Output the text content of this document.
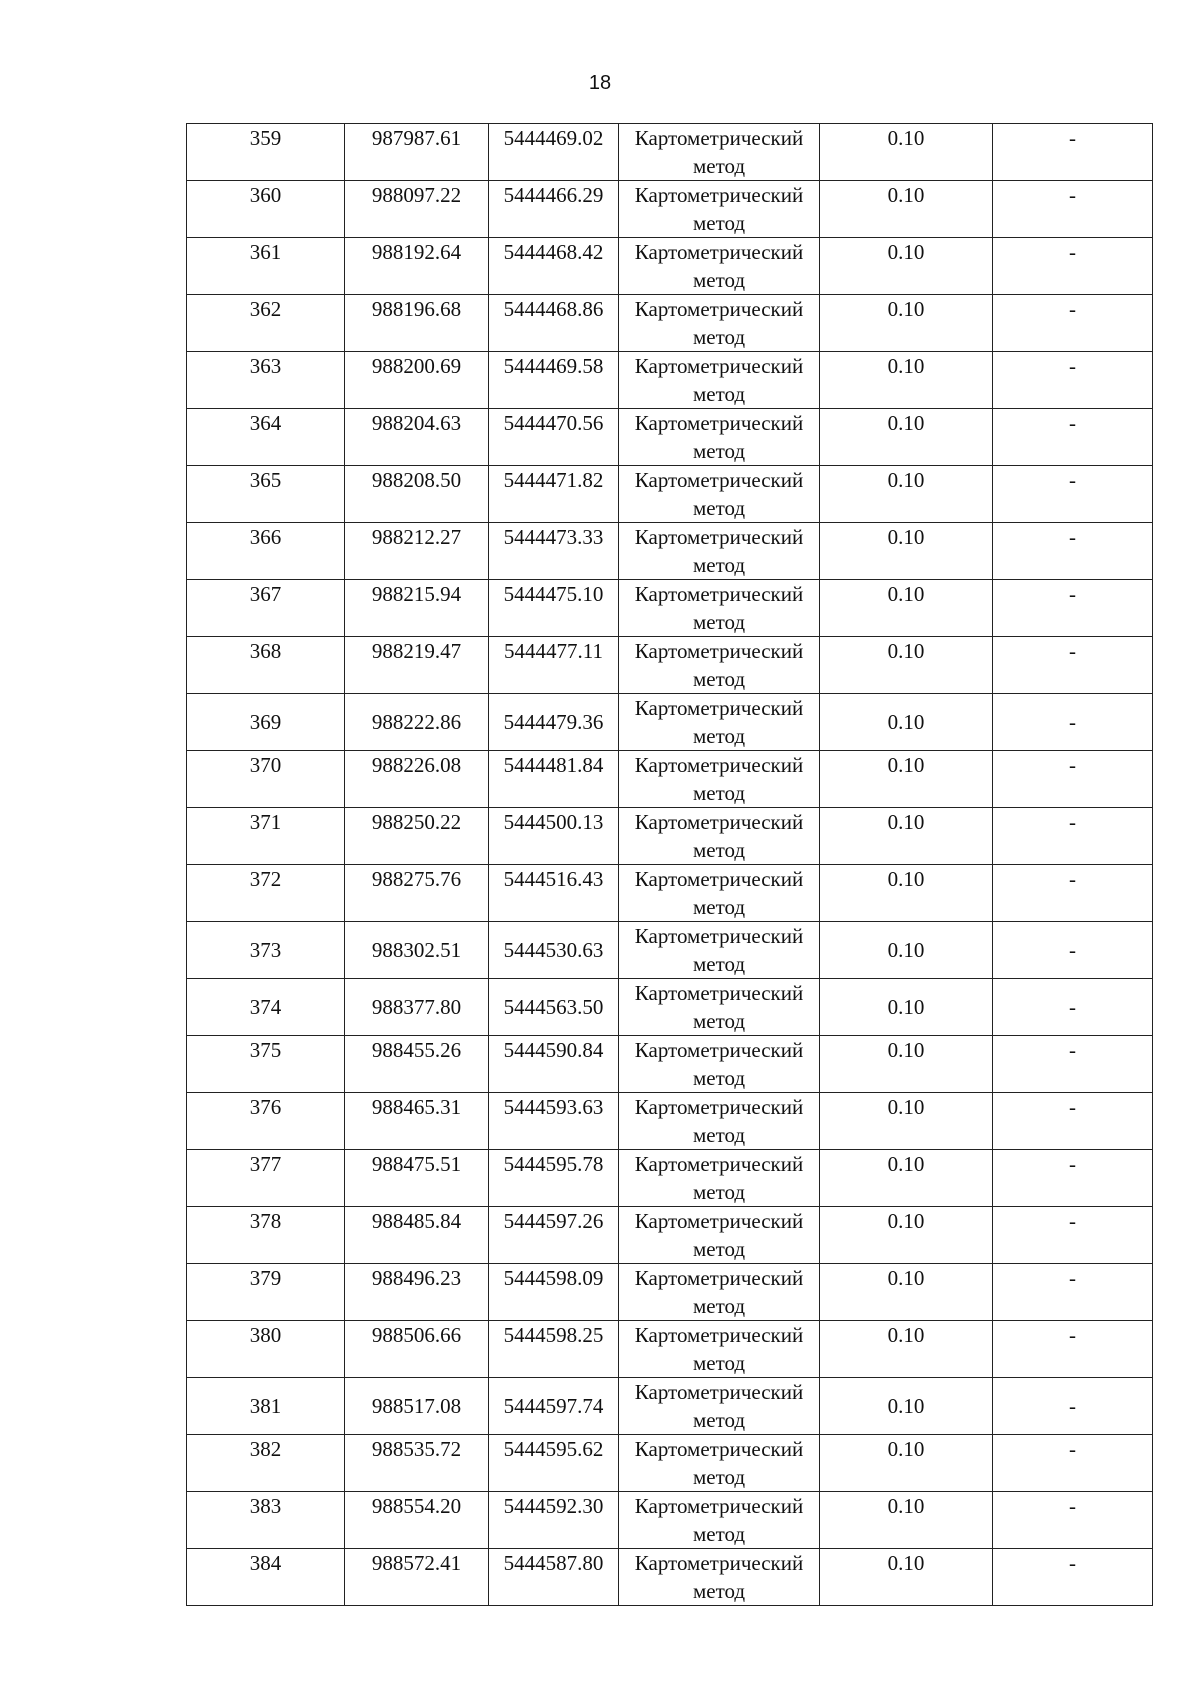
18
359	987987.61	5444469.02	Картометрический
метод	0.10	-
360	988097.22	5444466.29	Картометрический
метод	0.10	-
361	988192.64	5444468.42	Картометрический
метод	0.10	-
362	988196.68	5444468.86	Картометрический
метод	0.10	-
363	988200.69	5444469.58	Картометрический
метод	0.10	-
364	988204.63	5444470.56	Картометрический
метод	0.10	-
365	988208.50	5444471.82	Картометрический
метод	0.10	-
366	988212.27	5444473.33	Картометрический
метод	0.10	-
367	988215.94	5444475.10	Картометрический
метод	0.10	-
368	988219.47	5444477.11	Картометрический
метод	0.10	-
369	988222.86	5444479.36	Картометрический
метод	0.10	-
370	988226.08	5444481.84	Картометрический
метод	0.10	-
371	988250.22	5444500.13	Картометрический
метод	0.10	-
372	988275.76	5444516.43	Картометрический
метод	0.10	-
373	988302.51	5444530.63	Картометрический
метод	0.10	-
374	988377.80	5444563.50	Картометрический
метод	0.10	-
375	988455.26	5444590.84	Картометрический
метод	0.10	-
376	988465.31	5444593.63	Картометрический
метод	0.10	-
377	988475.51	5444595.78	Картометрический
метод	0.10	-
378	988485.84	5444597.26	Картометрический
метод	0.10	-
379	988496.23	5444598.09	Картометрический
метод	0.10	-
380	988506.66	5444598.25	Картометрический
метод	0.10	-
381	988517.08	5444597.74	Картометрический
метод	0.10	-
382	988535.72	5444595.62	Картометрический
метод	0.10	-
383	988554.20	5444592.30	Картометрический
метод	0.10	-
384	988572.41	5444587.80	Картометрический
метод	0.10	-
